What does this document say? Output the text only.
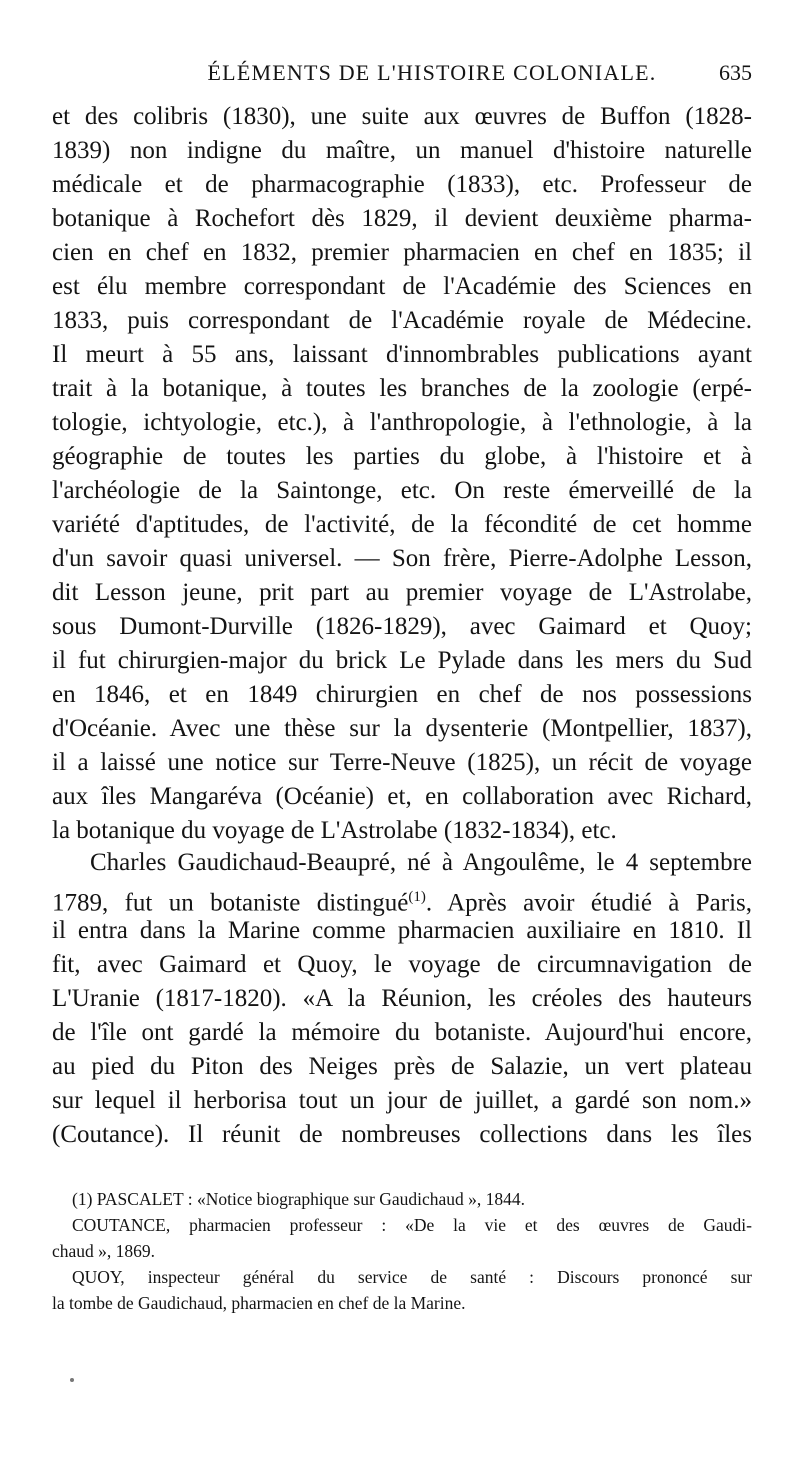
ÉLÉMENTS DE L'HISTOIRE COLONIALE.	635
et des colibris (1830), une suite aux œuvres de Buffon (1828-
1839) non indigne du maître, un manuel d'histoire naturelle
médicale et de pharmacographie (1833), etc. Professeur de
botanique à Rochefort dès 1829, il devient deuxième pharma-
cien en chef en 1832, premier pharmacien en chef en 1835; il
est élu membre correspondant de l'Académie des Sciences en
1833, puis correspondant de l'Académie royale de Médecine.
Il meurt à 55 ans, laissant d'innombrables publications ayant
trait à la botanique, à toutes les branches de la zoologie (erpé-
tologie, ichtyologie, etc.), à l'anthropologie, à l'ethnologie, à la
géographie de toutes les parties du globe, à l'histoire et à
l'archéologie de la Saintonge, etc. On reste émerveillé de la
variété d'aptitudes, de l'activité, de la fécondité de cet homme
d'un savoir quasi universel. — Son frère, Pierre-Adolphe Lesson,
dit Lesson jeune, prit part au premier voyage de L'Astrolabe,
sous Dumont-Durville (1826-1829), avec Gaimard et Quoy;
il fut chirurgien-major du brick Le Pylade dans les mers du Sud
en 1846, et en 1849 chirurgien en chef de nos possessions
d'Océanie. Avec une thèse sur la dysenterie (Montpellier, 1837),
il a laissé une notice sur Terre-Neuve (1825), un récit de voyage
aux îles Mangaréva (Océanie) et, en collaboration avec Richard,
la botanique du voyage de L'Astrolabe (1832-1834), etc.
Charles Gaudichaud-Beaupré, né à Angoulême, le 4 septembre
1789, fut un botaniste distingué$^{(1)}$. Après avoir étudié à Paris,
il entra dans la Marine comme pharmacien auxiliaire en 1810. Il
fit, avec Gaimard et Quoy, le voyage de circumnavigation de
L'Uranie (1817-1820). «A la Réunion, les créoles des hauteurs
de l'île ont gardé la mémoire du botaniste. Aujourd'hui encore,
au pied du Piton des Neiges près de Salazie, un vert plateau
sur lequel il herborisa tout un jour de juillet, a gardé son nom.»
(Coutance). Il réunit de nombreuses collections dans les îles
(1) PASCALET : «Notice biographique sur Gaudichaud », 1844.
COUTANCE, pharmacien professeur : «De la vie et des œuvres de Gaudi-
chaud », 1869.
QUOY, inspecteur général du service de santé : Discours prononcé sur
la tombe de Gaudichaud, pharmacien en chef de la Marine.
